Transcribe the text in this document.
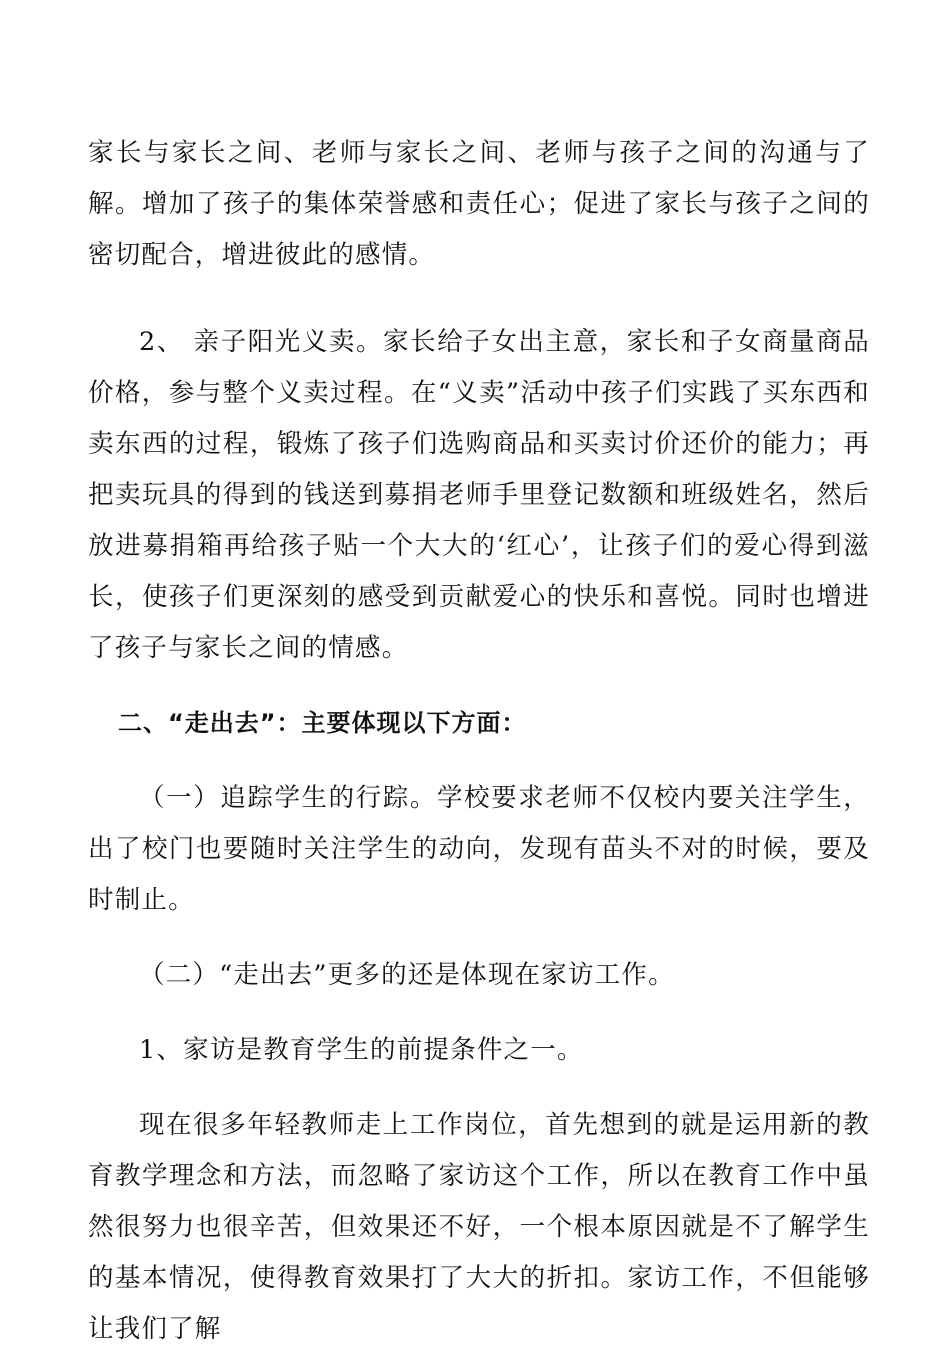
家长与家长之间、老师与家长之间、老师与孩子之间的沟通与了解。增加了孩子的集体荣誉感和责任心；促进了家长与孩子之间的密切配合，增进彼此的感情。

2、 亲子阳光义卖。家长给子女出主意，家长和子女商量商品价格，参与整个义卖过程。在“义卖”活动中孩子们实践了买东西和卖东西的过程，锻炼了孩子们选购商品和买卖讨价还价的能力；再把卖玩具的得到的钱送到募捐老师手里登记数额和班级姓名，然后放进募捐箱再给孩子贴一个大大的‘红心’，让孩子们的爱心得到滋长，使孩子们更深刻的感受到贡献爱心的快乐和喜悦。同时也增进了孩子与家长之间的情感。

二、“走出去”：主要体现以下方面：

（一）追踪学生的行踪。学校要求老师不仅校内要关注学生，出了校门也要随时关注学生的动向，发现有苗头不对的时候，要及时制止。

（二）“走出去”更多的还是体现在家访工作。

1、家访是教育学生的前提条件之一。

现在很多年轻教师走上工作岗位，首先想到的就是运用新的教育教学理念和方法，而忽略了家访这个工作，所以在教育工作中虽然很努力也很辛苦，但效果还不好，一个根本原因就是不了解学生的基本情况，使得教育效果打了大大的折扣。家访工作，不但能够让我们了解
